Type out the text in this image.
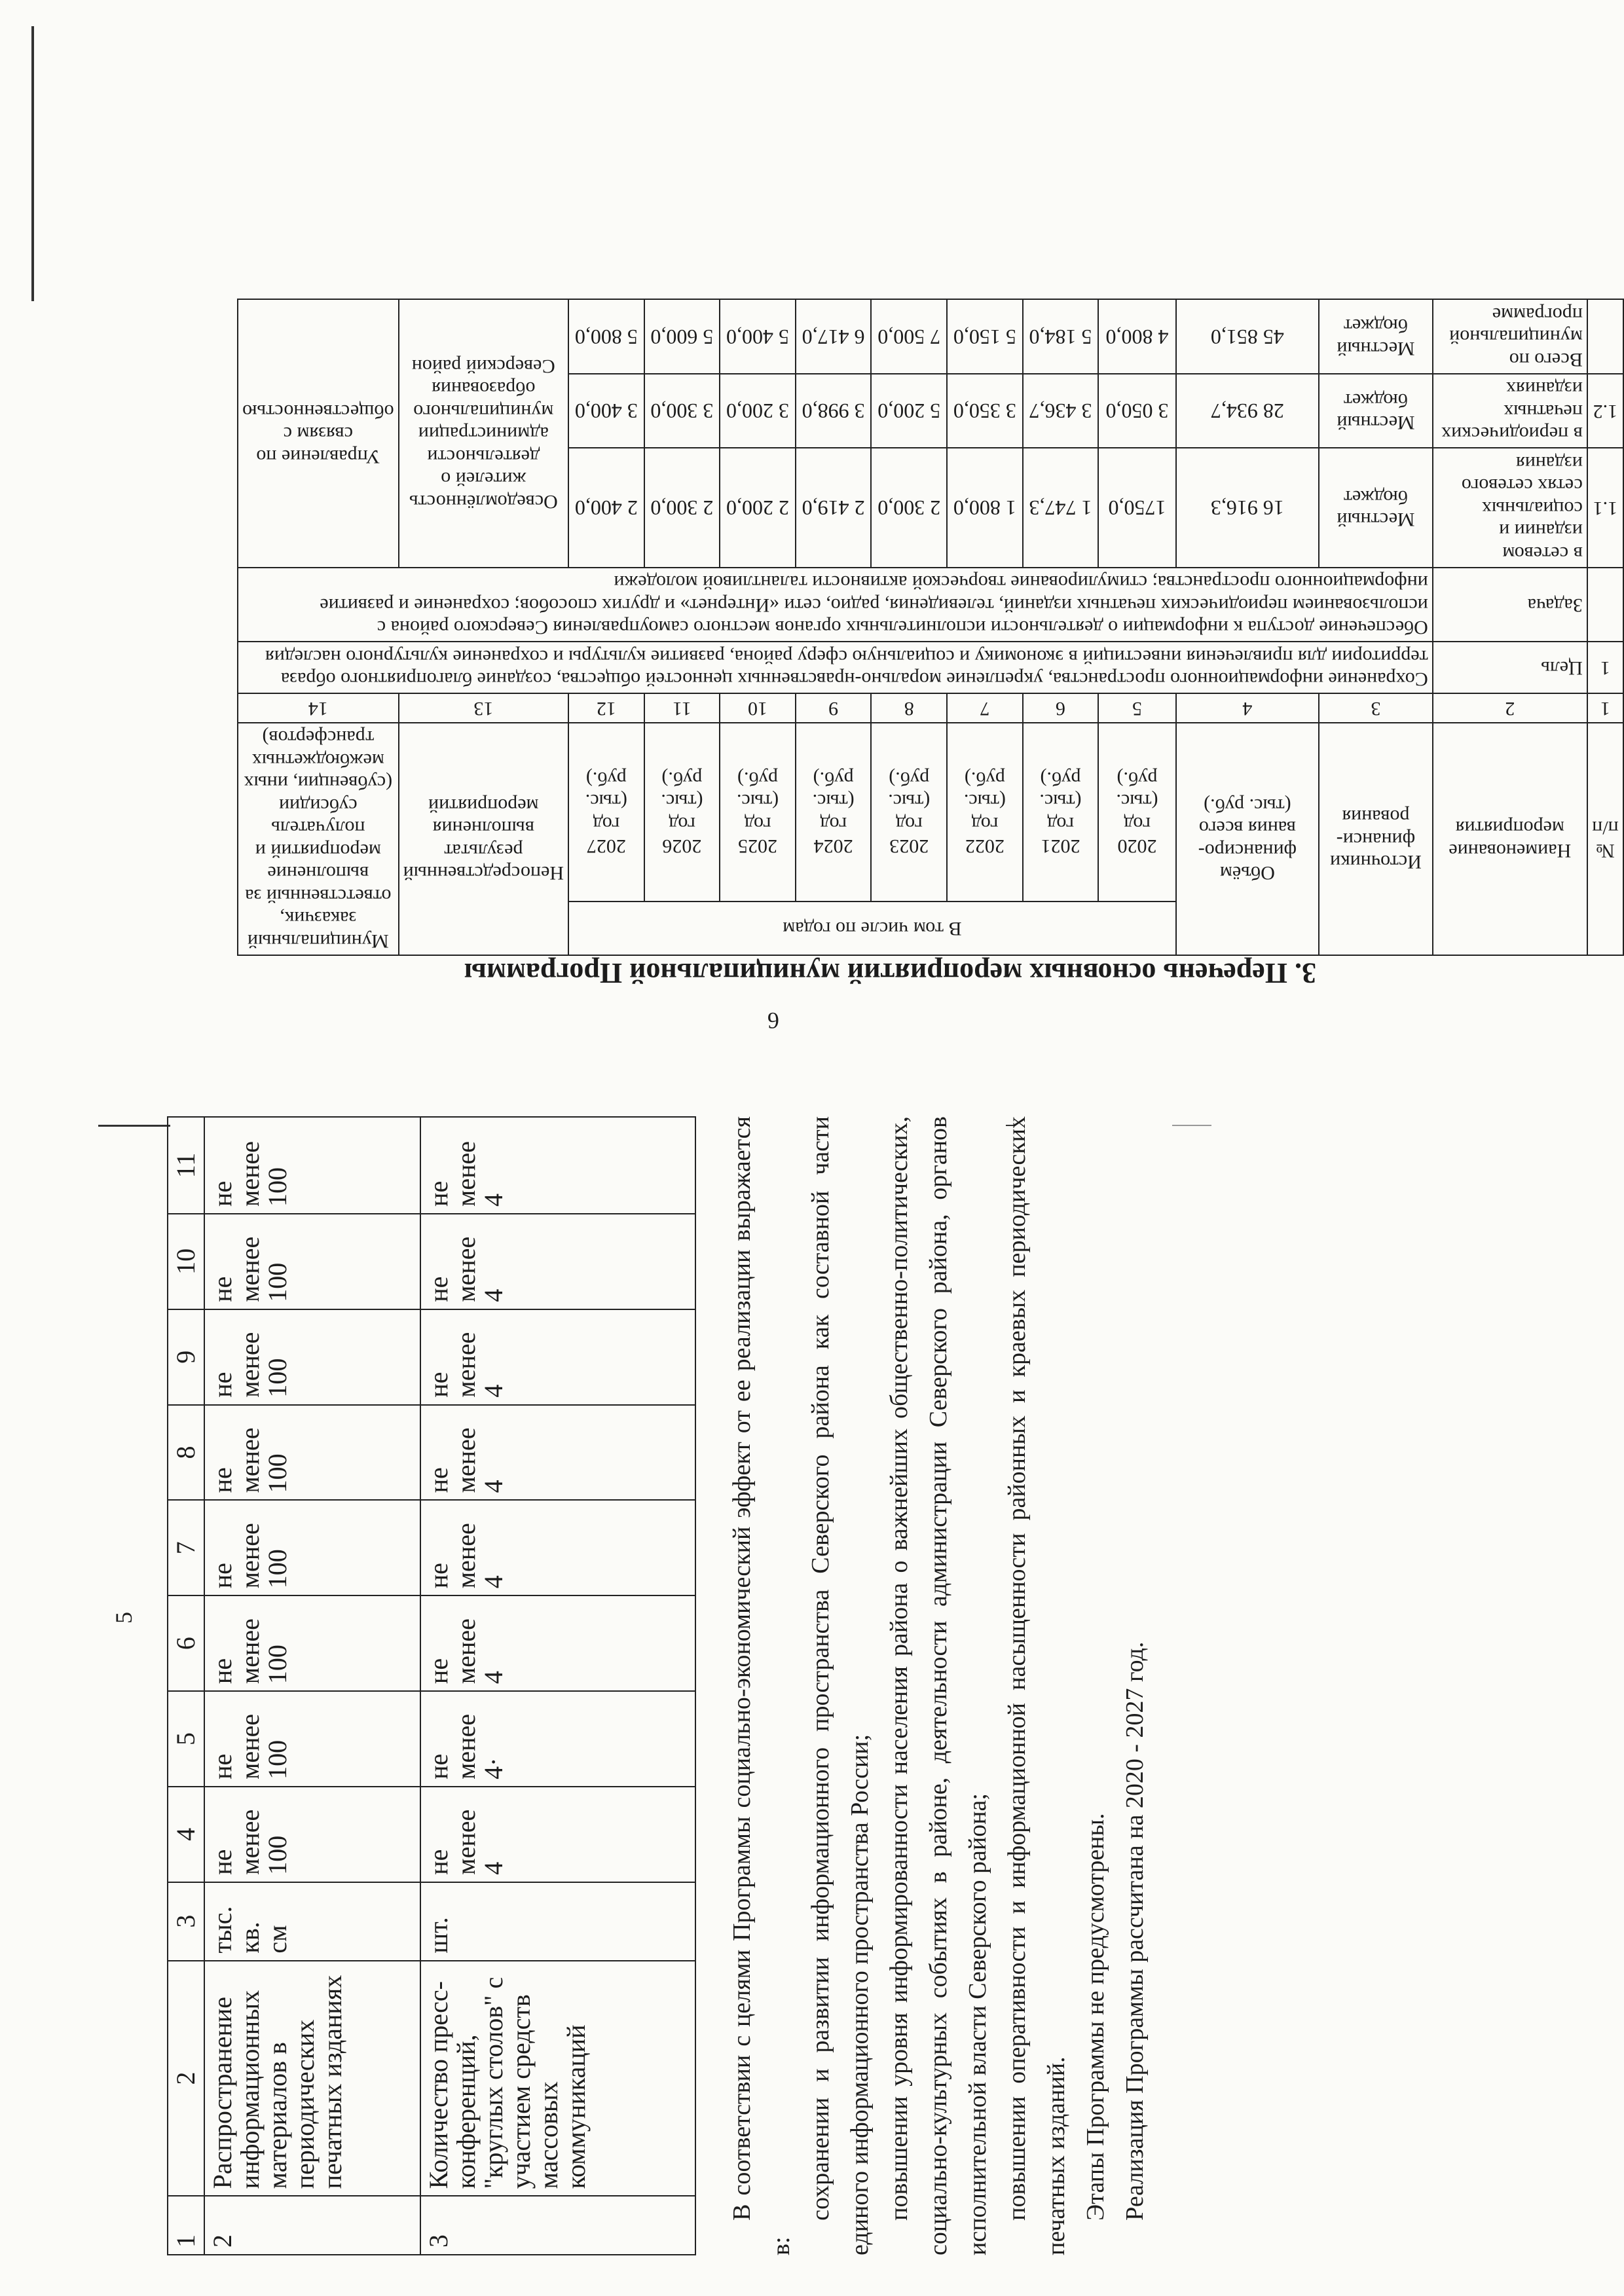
3. Перечень основных мероприятий муниципальной Программы
6
№ п/п	Наименование мероприятия	Источники финанси-рования	Объём финансиро-вания всего (тыс. руб.)	В том числе по годам								Непосредственный результат выполнения мероприятий	Муниципальный заказчик, ответственный за выполнение мероприятий и получатель субсидии (субвенции, иных межбюджетных трансфертов)
				2020 год (тыс. руб.)	2021 год (тыс. руб.)	2022 год (тыс. руб.)	2023 год (тыс. руб.)	2024 год (тыс. руб.)	2025 год (тыс. руб.)	2026 год (тыс. руб.)	2027 год (тыс. руб.)		
1	2	3	4	5	6	7	8	9	10	11	12	13	14
1	Цель	Сохранение информационного пространства, укрепление морально-нравственных ценностей общества, создание благоприятного образа территории для привлечения инвестиций в экономику и социальную сферу района, развитие культуры и сохранение культурного наследия											
	Задача	Обеспечение доступа к информации о деятельности исполнительных органов местного самоуправления Северского района с использованием периодических печатных изданий, телевидения, радио, сети «Интернет» и других способов; сохранение и развитие информационного пространства; стимулирование творческой активности талантливой молодежи											
1.1	в сетевом издании и социальных сетях сетевого издания	Местный бюджет	16 916,3	1750,0	1 747,3	1 800,0	2 300,0	2 419,0	2 200,0	2 300,0	2 400,0	Осведомлённость жителей о деятельности администрации муниципального образования Северский район	Управление по связям с общественностью
1.2	в периодических печатных изданиях	Местный бюджет	28 934,7	3 050,0	3 436,7	3 350,0	5 200,0	3 998,0	3 200,0	3 300,0	3 400,0		
	Всего по муниципальной программе	Местный бюджет	45 851,0	4 800,0	5 184,0	5 150,0	7 500,0	6 417,0	5 400,0	5 600,0	5 800,0		
5
1	2	3	4	5	6	7	8	9	10	11
2	Распространение информационных материалов в периодических печатных изданиях	тыс. кв. см	не менее 100	не менее 100	не менее 100	не менее 100	не менее 100	не менее 100	не менее 100	не менее 100
3	Количество пресс-конференций, "круглых столов" с участием средств массовых коммуникаций	шт.	не менее 4	не менее 4·	не менее 4	не менее 4	не менее 4	не менее 4	не менее 4	не менее 4	В соответствии с целями Программы социально-экономический эффект от ее реализации выражается в:

сохранении и развитии информационного пространства Северского района как составной части единого информационного пространства России; повышении уровня информированности населения района о важнейших общественно-политических, социально-культурных событиях в районе, деятельности администрации Северского района, органов исполнительной власти Северского района; повышении оперативности и информационной насыщенности районных и краевых периодических печатных изданий. Этапы Программы не предусмотрены. Реализация Программы рассчитана на 2020 - 2027 год.
